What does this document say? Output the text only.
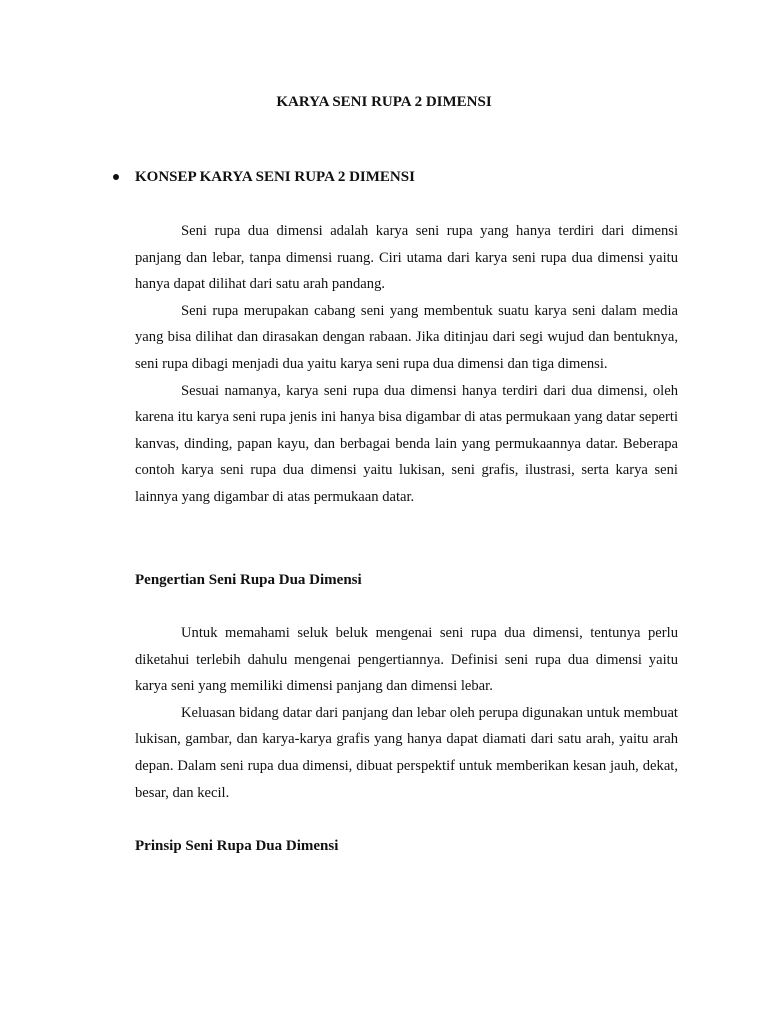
KARYA SENI RUPA 2 DIMENSI
KONSEP KARYA SENI RUPA 2 DIMENSI

Seni rupa dua dimensi adalah karya seni rupa yang hanya terdiri dari dimensi panjang dan lebar, tanpa dimensi ruang. Ciri utama dari karya seni rupa dua dimensi yaitu hanya dapat dilihat dari satu arah pandang.

Seni rupa merupakan cabang seni yang membentuk suatu karya seni dalam media yang bisa dilihat dan dirasakan dengan rabaan. Jika ditinjau dari segi wujud dan bentuknya, seni rupa dibagi menjadi dua yaitu karya seni rupa dua dimensi dan tiga dimensi.

Sesuai namanya, karya seni rupa dua dimensi hanya terdiri dari dua dimensi, oleh karena itu karya seni rupa jenis ini hanya bisa digambar di atas permukaan yang datar seperti kanvas, dinding, papan kayu, dan berbagai benda lain yang permukaannya datar. Beberapa contoh karya seni rupa dua dimensi yaitu lukisan, seni grafis, ilustrasi, serta karya seni lainnya yang digambar di atas permukaan datar.

Pengertian Seni Rupa Dua Dimensi

Untuk memahami seluk beluk mengenai seni rupa dua dimensi, tentunya perlu diketahui terlebih dahulu mengenai pengertiannya. Definisi seni rupa dua dimensi yaitu karya seni yang memiliki dimensi panjang dan dimensi lebar.

Keluasan bidang datar dari panjang dan lebar oleh perupa digunakan untuk membuat lukisan, gambar, dan karya-karya grafis yang hanya dapat diamati dari satu arah, yaitu arah depan. Dalam seni rupa dua dimensi, dibuat perspektif untuk memberikan kesan jauh, dekat, besar, dan kecil.

Prinsip Seni Rupa Dua Dimensi
